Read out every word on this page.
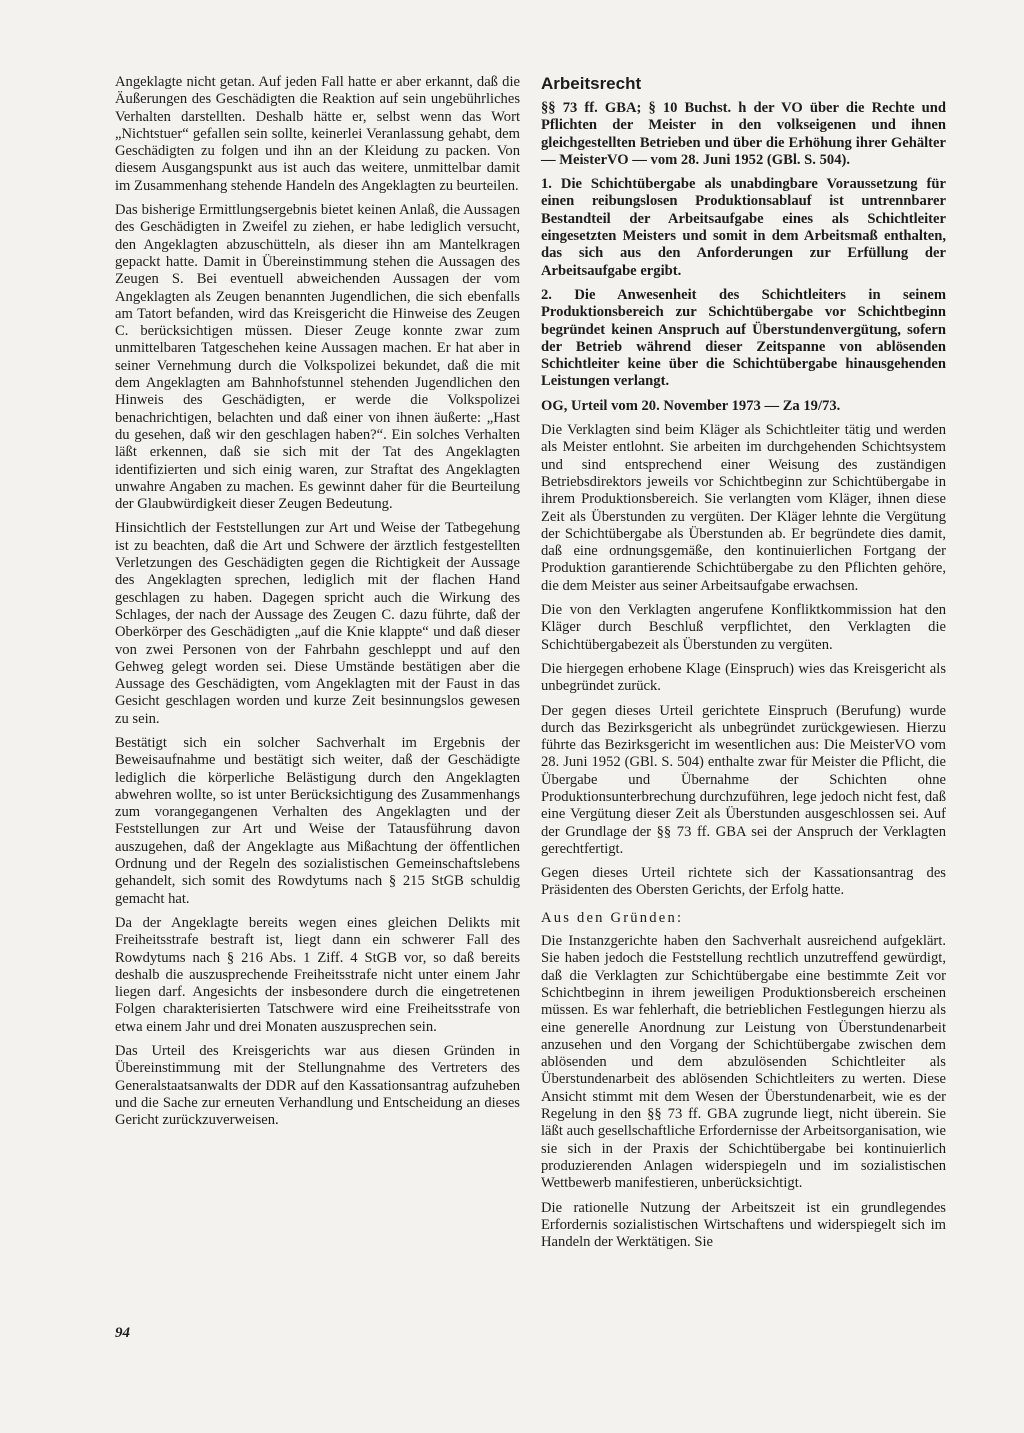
Angeklagte nicht getan. Auf jeden Fall hatte er aber erkannt, daß die Äußerungen des Geschädigten die Reaktion auf sein ungebührliches Verhalten darstellten. Deshalb hätte er, selbst wenn das Wort „Nichtstuer“ gefallen sein sollte, keinerlei Veranlassung gehabt, dem Geschädigten zu folgen und ihn an der Kleidung zu packen. Von diesem Ausgangspunkt aus ist auch das weitere, unmittelbar damit im Zusammenhang stehende Handeln des Angeklagten zu beurteilen.

Das bisherige Ermittlungsergebnis bietet keinen Anlaß, die Aussagen des Geschädigten in Zweifel zu ziehen, er habe lediglich versucht, den Angeklagten abzuschütteln, als dieser ihn am Mantelkragen gepackt hatte. Damit in Übereinstimmung stehen die Aussagen des Zeugen S. Bei eventuell abweichenden Aussagen der vom Angeklagten als Zeugen benannten Jugendlichen, die sich ebenfalls am Tatort befanden, wird das Kreisgericht die Hinweise des Zeugen C. berücksichtigen müssen. Dieser Zeuge konnte zwar zum unmittelbaren Tatgeschehen keine Aussagen machen. Er hat aber in seiner Vernehmung durch die Volkspolizei bekundet, daß die mit dem Angeklagten am Bahnhofstunnel stehenden Jugendlichen den Hinweis des Geschädigten, er werde die Volkspolizei benachrichtigen, belachten und daß einer von ihnen äußerte: „Hast du gesehen, daß wir den geschlagen haben?“. Ein solches Verhalten läßt erkennen, daß sie sich mit der Tat des Angeklagten identifizierten und sich einig waren, zur Straftat des Angeklagten unwahre Angaben zu machen. Es gewinnt daher für die Beurteilung der Glaubwürdigkeit dieser Zeugen Bedeutung.

Hinsichtlich der Feststellungen zur Art und Weise der Tatbegehung ist zu beachten, daß die Art und Schwere der ärztlich festgestellten Verletzungen des Geschädigten gegen die Richtigkeit der Aussage des Angeklagten sprechen, lediglich mit der flachen Hand geschlagen zu haben. Dagegen spricht auch die Wirkung des Schlages, der nach der Aussage des Zeugen C. dazu führte, daß der Oberkörper des Geschädigten „auf die Knie klappte“ und daß dieser von zwei Personen von der Fahrbahn geschleppt und auf den Gehweg gelegt worden sei. Diese Umstände bestätigen aber die Aussage des Geschädigten, vom Angeklagten mit der Faust in das Gesicht geschlagen worden und kurze Zeit besinnungslos gewesen zu sein.

Bestätigt sich ein solcher Sachverhalt im Ergebnis der Beweisaufnahme und bestätigt sich weiter, daß der Geschädigte lediglich die körperliche Belästigung durch den Angeklagten abwehren wollte, so ist unter Berücksichtigung des Zusammenhangs zum vorangegangenen Verhalten des Angeklagten und der Feststellungen zur Art und Weise der Tatausführung davon auszugehen, daß der Angeklagte aus Mißachtung der öffentlichen Ordnung und der Regeln des sozialistischen Gemeinschaftslebens gehandelt, sich somit des Rowdytums nach § 215 StGB schuldig gemacht hat.

Da der Angeklagte bereits wegen eines gleichen Delikts mit Freiheitsstrafe bestraft ist, liegt dann ein schwerer Fall des Rowdytums nach § 216 Abs. 1 Ziff. 4 StGB vor, so daß bereits deshalb die auszusprechende Freiheitsstrafe nicht unter einem Jahr liegen darf. Angesichts der insbesondere durch die eingetretenen Folgen charakterisierten Tatschwere wird eine Freiheitsstrafe von etwa einem Jahr und drei Monaten auszusprechen sein.

Das Urteil des Kreisgerichts war aus diesen Gründen in Übereinstimmung mit der Stellungnahme des Vertreters des Generalstaatsanwalts der DDR auf den Kassationsantrag aufzuheben und die Sache zur erneuten Verhandlung und Entscheidung an dieses Gericht zurückzuverweisen.

Arbeitsrecht

§§ 73 ff. GBA; § 10 Buchst. h der VO über die Rechte und Pflichten der Meister in den volkseigenen und ihnen gleichgestellten Betrieben und über die Erhöhung ihrer Gehälter — MeisterVO — vom 28. Juni 1952 (GBl. S. 504).

1. Die Schichtübergabe als unabdingbare Voraussetzung für einen reibungslosen Produktionsablauf ist untrennbarer Bestandteil der Arbeitsaufgabe eines als Schichtleiter eingesetzten Meisters und somit in dem Arbeitsmaß enthalten, das sich aus den Anforderungen zur Erfüllung der Arbeitsaufgabe ergibt.

2. Die Anwesenheit des Schichtleiters in seinem Produktionsbereich zur Schichtübergabe vor Schichtbeginn begründet keinen Anspruch auf Überstundenvergütung, sofern der Betrieb während dieser Zeitspanne von ablösenden Schichtleiter keine über die Schichtübergabe hinausgehenden Leistungen verlangt.

OG, Urteil vom 20. November 1973 — Za 19/73.

Die Verklagten sind beim Kläger als Schichtleiter tätig und werden als Meister entlohnt. Sie arbeiten im durchgehenden Schichtsystem und sind entsprechend einer Weisung des zuständigen Betriebsdirektors jeweils vor Schichtbeginn zur Schichtübergabe in ihrem Produktionsbereich. Sie verlangten vom Kläger, ihnen diese Zeit als Überstunden zu vergüten. Der Kläger lehnte die Vergütung der Schichtübergabe als Überstunden ab. Er begründete dies damit, daß eine ordnungsgemäße, den kontinuierlichen Fortgang der Produktion garantierende Schichtübergabe zu den Pflichten gehöre, die dem Meister aus seiner Arbeitsaufgabe erwachsen.

Die von den Verklagten angerufene Konfliktkommission hat den Kläger durch Beschluß verpflichtet, den Verklagten die Schichtübergabezeit als Überstunden zu vergüten.

Die hiergegen erhobene Klage (Einspruch) wies das Kreisgericht als unbegründet zurück.

Der gegen dieses Urteil gerichtete Einspruch (Berufung) wurde durch das Bezirksgericht als unbegründet zurückgewiesen. Hierzu führte das Bezirksgericht im wesentlichen aus: Die MeisterVO vom 28. Juni 1952 (GBl. S. 504) enthalte zwar für Meister die Pflicht, die Übergabe und Übernahme der Schichten ohne Produktionsunterbrechung durchzuführen, lege jedoch nicht fest, daß eine Vergütung dieser Zeit als Überstunden ausgeschlossen sei. Auf der Grundlage der §§ 73 ff. GBA sei der Anspruch der Verklagten gerechtfertigt.

Gegen dieses Urteil richtete sich der Kassationsantrag des Präsidenten des Obersten Gerichts, der Erfolg hatte.

Aus den Gründen:

Die Instanzgerichte haben den Sachverhalt ausreichend aufgeklärt. Sie haben jedoch die Feststellung rechtlich unzutreffend gewürdigt, daß die Verklagten zur Schichtübergabe eine bestimmte Zeit vor Schichtbeginn in ihrem jeweiligen Produktionsbereich erscheinen müssen. Es war fehlerhaft, die betrieblichen Festlegungen hierzu als eine generelle Anordnung zur Leistung von Überstundenarbeit anzusehen und den Vorgang der Schichtübergabe zwischen dem ablösenden und dem abzulösenden Schichtleiter als Überstundenarbeit des ablösenden Schichtleiters zu werten. Diese Ansicht stimmt mit dem Wesen der Überstundenarbeit, wie es der Regelung in den §§ 73 ff. GBA zugrunde liegt, nicht überein. Sie läßt auch gesellschaftliche Erfordernisse der Arbeitsorganisation, wie sie sich in der Praxis der Schichtübergabe bei kontinuierlich produzierenden Anlagen widerspiegeln und im sozialistischen Wettbewerb manifestieren, unberücksichtigt.

Die rationelle Nutzung der Arbeitszeit ist ein grundlegendes Erfordernis sozialistischen Wirtschaftens und widerspiegelt sich im Handeln der Werktätigen. Sie

94
